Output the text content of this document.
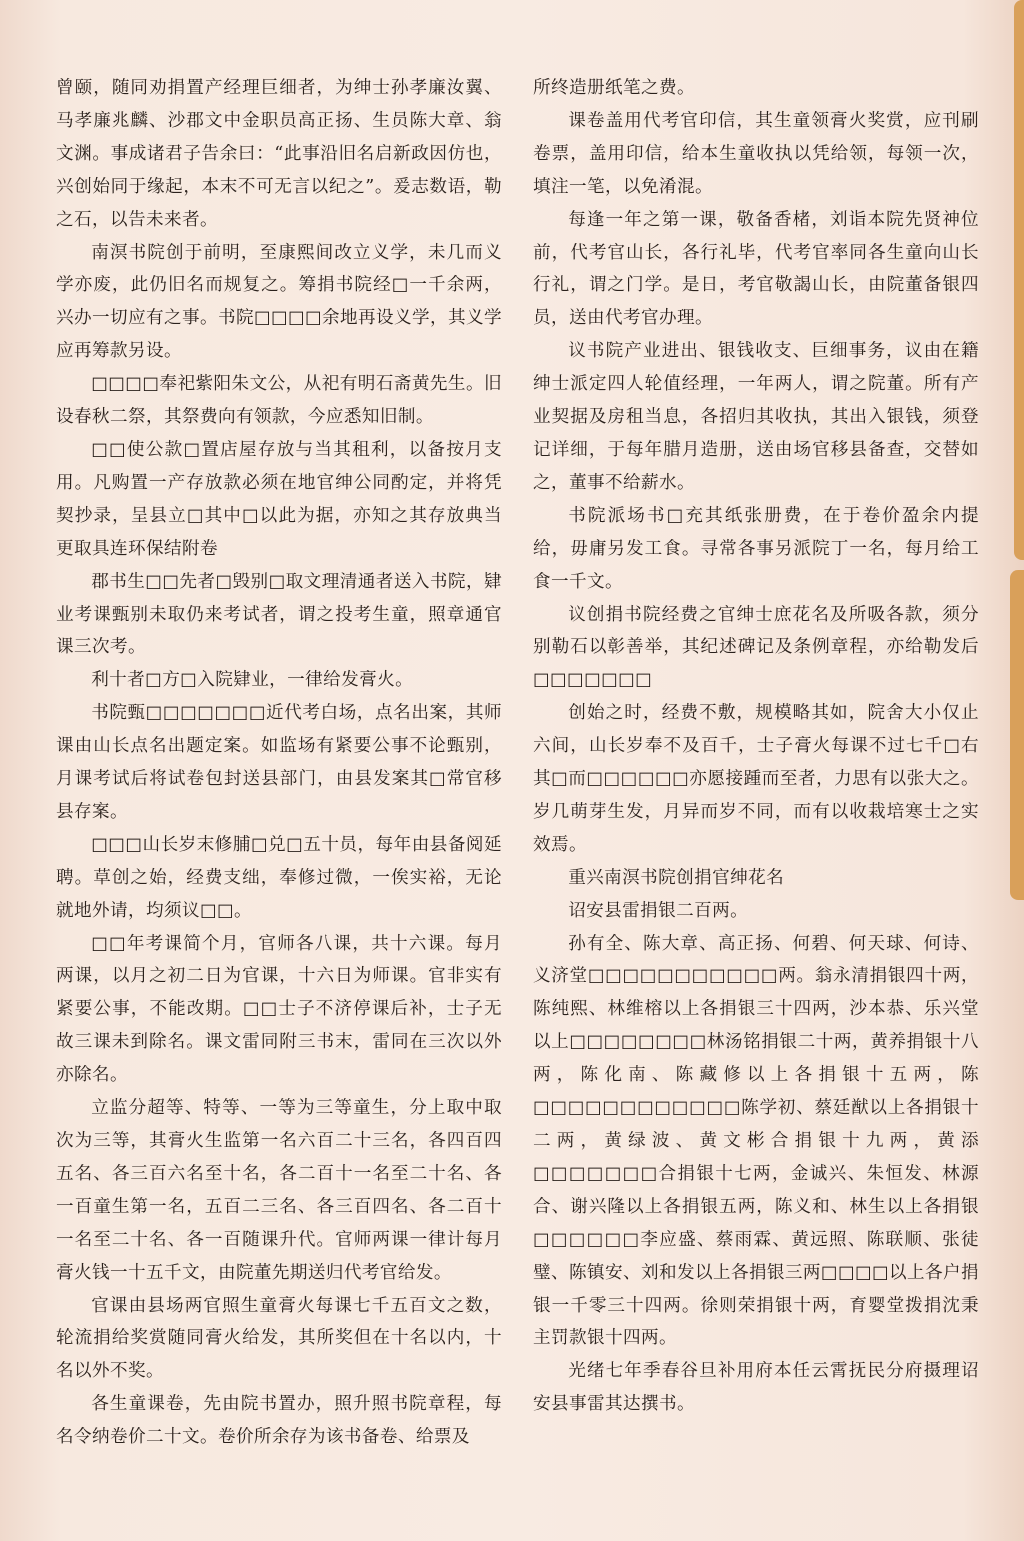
曾颐，随同劝捐置产经理巨细者，为绅士孙孝廉汝翼、马孝廉兆麟、沙郡文中金职员高正扬、生员陈大章、翁文渊。事成诸君子告余曰：“此事沿旧名启新政因仿也，兴创始同于缘起，本末不可无言以纪之”。爰志数语，勒之石，以告未来者。

南溟书院创于前明，至康熙间改立义学，未几而义学亦废，此仍旧名而规复之。筹捐书院经□一千余两，兴办一切应有之事。书院□□□□余地再设义学，其义学应再筹款另设。

□□□□奉祀紫阳朱文公，从祀有明石斋黄先生。旧设春秋二祭，其祭费向有领款，今应悉知旧制。

□□使公款□置店屋存放与当其租利，以备按月支用。凡购置一产存放款必须在地官绅公同酌定，并将凭契抄录，呈县立□其中□以此为据，亦知之其存放典当更取具连环保结附卷

郡书生□□先者□毁别□取文理清通者送入书院，肄业考课甄别未取仍来考试者，谓之投考生童，照章通官课三次考。

利十者□方□入院肄业，一律给发膏火。

书院甄□□□□□□□近代考白场，点名出案，其师课由山长点名出题定案。如监场有紧要公事不论甄别，月课考试后将试卷包封送县部门，由县发案其□常官移县存案。

□□□山长岁末修脯□兑□五十员，每年由县备阅延聘。草创之始，经费支绌，奉修过微，一俟实裕，无论就地外请，均须议□□。

□□年考课简个月，官师各八课，共十六课。每月两课，以月之初二日为官课，十六日为师课。官非实有紧要公事，不能改期。□□士子不济停课后补，士子无故三课未到除名。课文雷同附三书末，雷同在三次以外亦除名。

立监分超等、特等、一等为三等童生，分上取中取次为三等，其膏火生监第一名六百二十三名，各四百四五名、各三百六名至十名，各二百十一名至二十名、各一百童生第一名，五百二三名、各三百四名、各二百十一名至二十名、各一百随课升代。官师两课一律计每月膏火钱一十五千文，由院董先期送归代考官给发。

官课由县场两官照生童膏火每课七千五百文之数，轮流捐给奖赏随同膏火给发，其所奖但在十名以内，十名以外不奖。

各生童课卷，先由院书置办，照升照书院章程，每名令纳卷价二十文。卷价所余存为该书备卷、给票及

所终造册纸笔之费。

课卷盖用代考官印信，其生童领膏火奖赏，应刊刷卷票，盖用印信，给本生童收执以凭给领，每领一次，填注一笔，以免淆混。

每逢一年之第一课，敬备香楮，刘诣本院先贤神位前，代考官山长，各行礼毕，代考官率同各生童向山长行礼，谓之门学。是日，考官敬謁山长，由院董备银四员，送由代考官办理。

议书院产业进出、银钱收支、巨细事务，议由在籍绅士派定四人轮值经理，一年两人，谓之院董。所有产业契据及房租当息，各招归其收执，其出入银钱，须登记详细，于每年腊月造册，送由场官移县备查，交替如之，董事不给薪水。

书院派场书□充其纸张册费，在于卷价盈余内提给，毋庸另发工食。寻常各事另派院丁一名，每月给工食一千文。

议创捐书院经费之官绅士庶花名及所吸各款，须分别勒石以彰善举，其纪述碑记及条例章程，亦给勒发后□□□□□□□

创始之时，经费不敷，规模略其如，院舍大小仅止六间，山长岁奉不及百千，士子膏火每课不过七千□右其□而□□□□□□亦愿接踵而至者，力思有以张大之。岁几萌芽生发，月异而岁不同，而有以收栽培寒士之实效焉。

重兴南溟书院创捐官绅花名

诏安县雷捐银二百两。

孙有全、陈大章、高正扬、何碧、何天球、何诗、义济堂□□□□□□□□□□□两。翁永清捐银四十两，陈纯熙、林维榕以上各捐银三十四两，沙本恭、乐兴堂以上□□□□□□□□林汤铭捐银二十两，黄养捐银十八两，陈化南、陈藏修以上各捐银十五两，陈□□□□□□□□□□□□陈学初、蔡廷猷以上各捐银十二两，黄绿波、黄文彬合捐银十九两，黄添□□□□□□□合捐银十七两，金诚兴、朱恒发、林源合、谢兴隆以上各捐银五两，陈义和、林生以上各捐银□□□□□□李应盛、蔡雨霖、黄远照、陈联顺、张徒璧、陈镇安、刘和发以上各捐银三两□□□□以上各户捐银一千零三十四两。徐则荣捐银十两，育婴堂拨捐沈秉主罚款银十四两。

光绪七年季春谷旦补用府本任云霄抚民分府摄理诏安县事雷其达撰书。
